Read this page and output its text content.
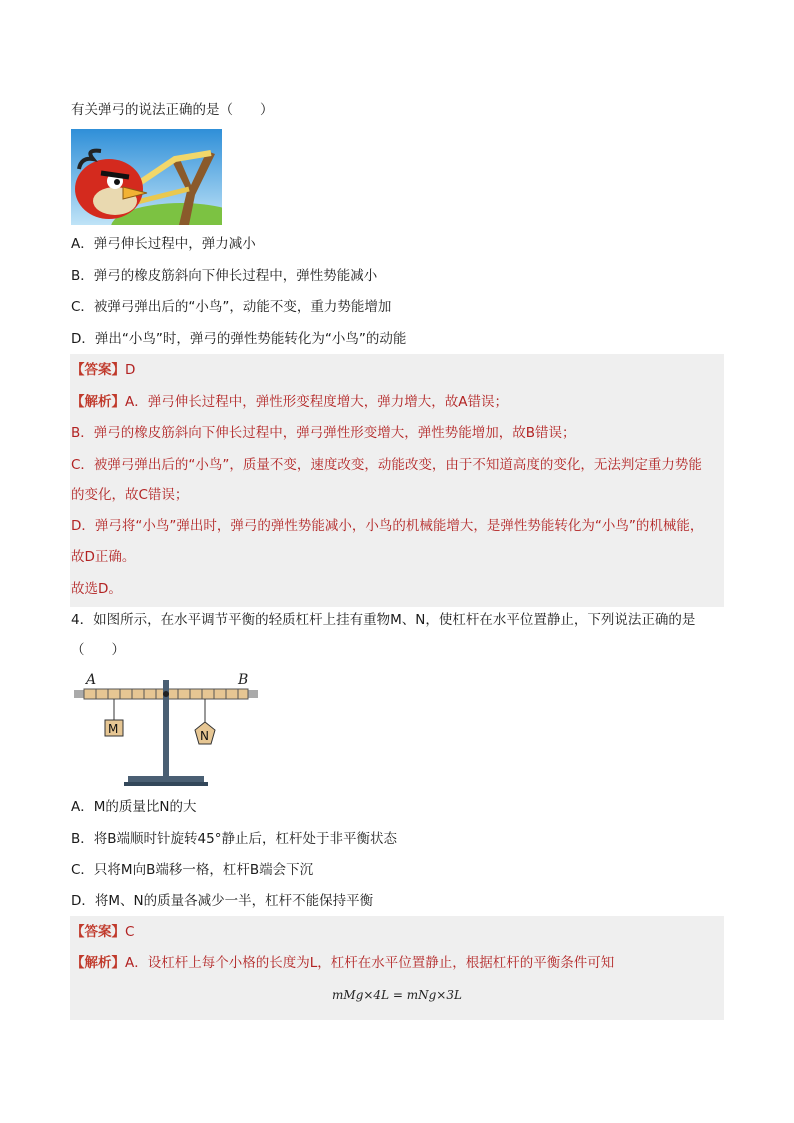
有关弹弓的说法正确的是（　　）
A．弹弓伸长过程中，弹力减小
B．弹弓的橡皮筋斜向下伸长过程中，弹性势能减小
C．被弹弓弹出后的“小鸟”，动能不变，重力势能增加
D．弹出“小鸟”时，弹弓的弹性势能转化为“小鸟”的动能
【答案】D
【解析】A．弹弓伸长过程中，弹性形变程度增大，弹力增大，故A错误；
B．弹弓的橡皮筋斜向下伸长过程中，弹弓弹性形变增大，弹性势能增加，故B错误；
C．被弹弓弹出后的“小鸟”，质量不变，速度改变，动能改变，由于不知道高度的变化，无法判定重力势能
的变化，故C错误；
D．弹弓将“小鸟”弹出时，弹弓的弹性势能减小，小鸟的机械能增大，是弹性势能转化为“小鸟”的机械能，
故D正确。
故选D。
4．如图所示，在水平调节平衡的轻质杠杆上挂有重物M、N，使杠杆在水平位置静止，下列说法正确的是
（　　）
A	B
M	N
A．M的质量比N的大
B．将B端顺时针旋转45°静止后，杠杆处于非平衡状态
C．只将M向B端移一格，杠杆B端会下沉
D．将M、N的质量各减少一半，杠杆不能保持平衡
【答案】C
【解析】A．设杠杆上每个小格的长度为L，杠杆在水平位置静止，根据杠杆的平衡条件可知
mMg×4L = mNg×3L
